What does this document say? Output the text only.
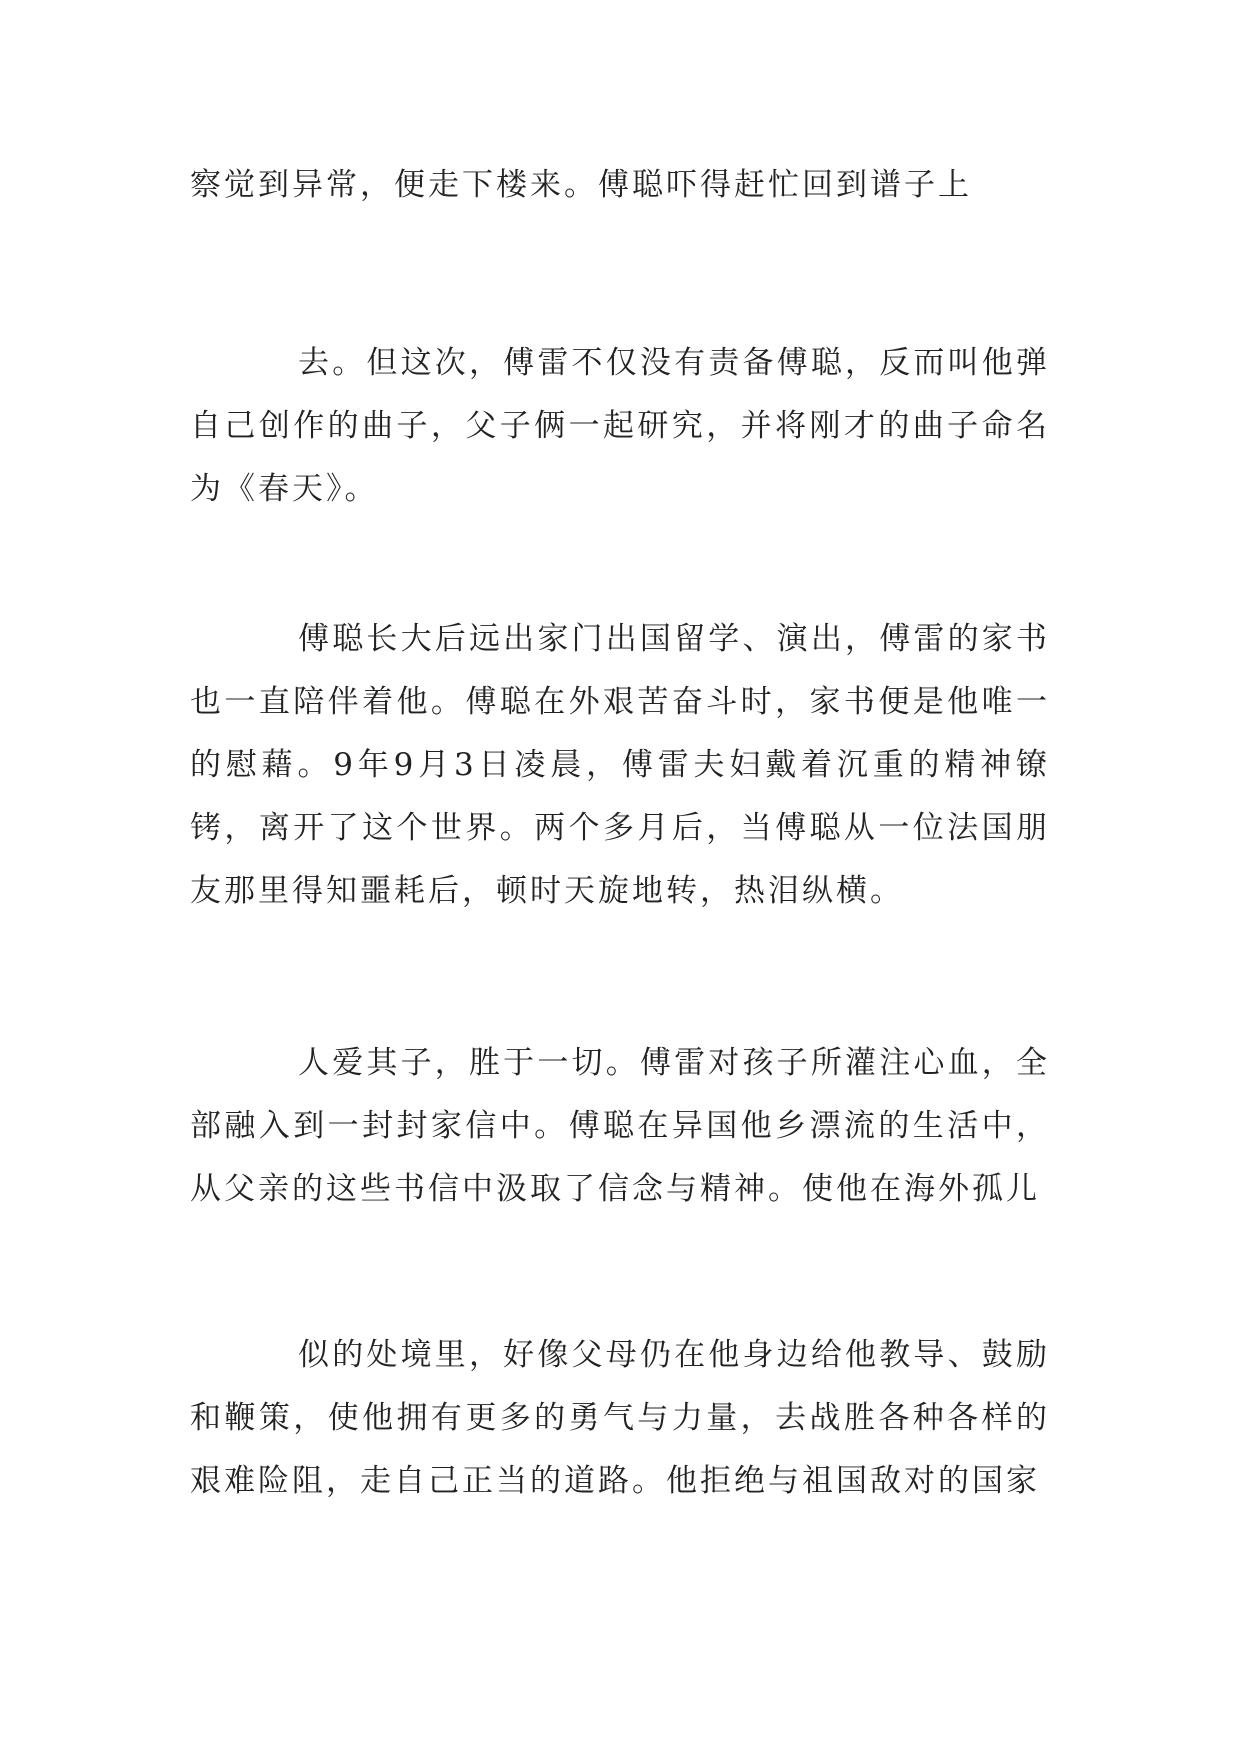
察觉到异常，便走下楼来。傅聪吓得赶忙回到谱子上

去。但这次，傅雷不仅没有责备傅聪，反而叫他弹自己创作的曲子，父子俩一起研究，并将刚才的曲子命名为《春天》。

傅聪长大后远出家门出国留学、演出，傅雷的家书也一直陪伴着他。傅聪在外艰苦奋斗时，家书便是他唯一的慰藉。9年9月3日凌晨，傅雷夫妇戴着沉重的精神镣铐，离开了这个世界。两个多月后，当傅聪从一位法国朋友那里得知噩耗后，顿时天旋地转，热泪纵横。

人爱其子，胜于一切。傅雷对孩子所灌注心血，全部融入到一封封家信中。傅聪在异国他乡漂流的生活中，从父亲的这些书信中汲取了信念与精神。使他在海外孤儿

似的处境里，好像父母仍在他身边给他教导、鼓励和鞭策，使他拥有更多的勇气与力量，去战胜各种各样的艰难险阻，走自己正当的道路。他拒绝与祖国敌对的国家
